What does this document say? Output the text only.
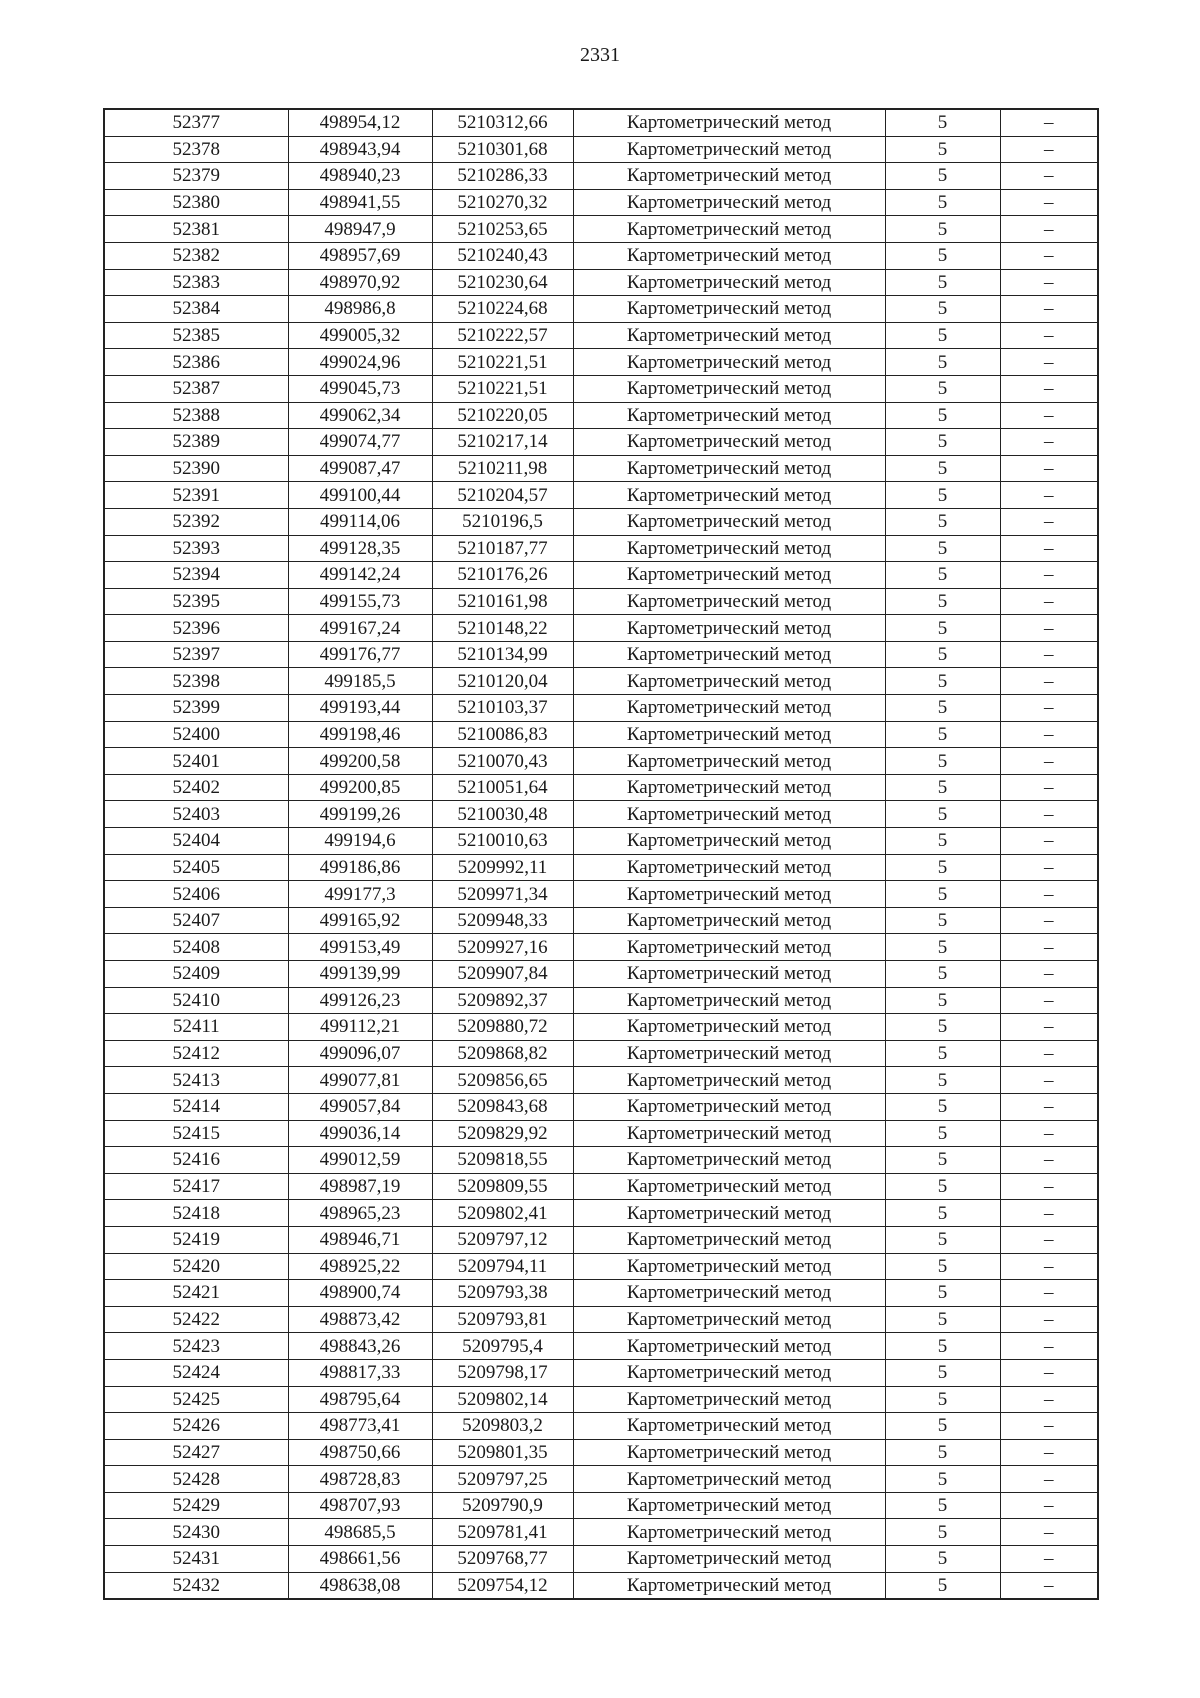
2331
52377	498954,12	5210312,66	Картометрический метод	5	–
52378	498943,94	5210301,68	Картометрический метод	5	–
52379	498940,23	5210286,33	Картометрический метод	5	–
52380	498941,55	5210270,32	Картометрический метод	5	–
52381	498947,9	5210253,65	Картометрический метод	5	–
52382	498957,69	5210240,43	Картометрический метод	5	–
52383	498970,92	5210230,64	Картометрический метод	5	–
52384	498986,8	5210224,68	Картометрический метод	5	–
52385	499005,32	5210222,57	Картометрический метод	5	–
52386	499024,96	5210221,51	Картометрический метод	5	–
52387	499045,73	5210221,51	Картометрический метод	5	–
52388	499062,34	5210220,05	Картометрический метод	5	–
52389	499074,77	5210217,14	Картометрический метод	5	–
52390	499087,47	5210211,98	Картометрический метод	5	–
52391	499100,44	5210204,57	Картометрический метод	5	–
52392	499114,06	5210196,5	Картометрический метод	5	–
52393	499128,35	5210187,77	Картометрический метод	5	–
52394	499142,24	5210176,26	Картометрический метод	5	–
52395	499155,73	5210161,98	Картометрический метод	5	–
52396	499167,24	5210148,22	Картометрический метод	5	–
52397	499176,77	5210134,99	Картометрический метод	5	–
52398	499185,5	5210120,04	Картометрический метод	5	–
52399	499193,44	5210103,37	Картометрический метод	5	–
52400	499198,46	5210086,83	Картометрический метод	5	–
52401	499200,58	5210070,43	Картометрический метод	5	–
52402	499200,85	5210051,64	Картометрический метод	5	–
52403	499199,26	5210030,48	Картометрический метод	5	–
52404	499194,6	5210010,63	Картометрический метод	5	–
52405	499186,86	5209992,11	Картометрический метод	5	–
52406	499177,3	5209971,34	Картометрический метод	5	–
52407	499165,92	5209948,33	Картометрический метод	5	–
52408	499153,49	5209927,16	Картометрический метод	5	–
52409	499139,99	5209907,84	Картометрический метод	5	–
52410	499126,23	5209892,37	Картометрический метод	5	–
52411	499112,21	5209880,72	Картометрический метод	5	–
52412	499096,07	5209868,82	Картометрический метод	5	–
52413	499077,81	5209856,65	Картометрический метод	5	–
52414	499057,84	5209843,68	Картометрический метод	5	–
52415	499036,14	5209829,92	Картометрический метод	5	–
52416	499012,59	5209818,55	Картометрический метод	5	–
52417	498987,19	5209809,55	Картометрический метод	5	–
52418	498965,23	5209802,41	Картометрический метод	5	–
52419	498946,71	5209797,12	Картометрический метод	5	–
52420	498925,22	5209794,11	Картометрический метод	5	–
52421	498900,74	5209793,38	Картометрический метод	5	–
52422	498873,42	5209793,81	Картометрический метод	5	–
52423	498843,26	5209795,4	Картометрический метод	5	–
52424	498817,33	5209798,17	Картометрический метод	5	–
52425	498795,64	5209802,14	Картометрический метод	5	–
52426	498773,41	5209803,2	Картометрический метод	5	–
52427	498750,66	5209801,35	Картометрический метод	5	–
52428	498728,83	5209797,25	Картометрический метод	5	–
52429	498707,93	5209790,9	Картометрический метод	5	–
52430	498685,5	5209781,41	Картометрический метод	5	–
52431	498661,56	5209768,77	Картометрический метод	5	–
52432	498638,08	5209754,12	Картометрический метод	5	–
